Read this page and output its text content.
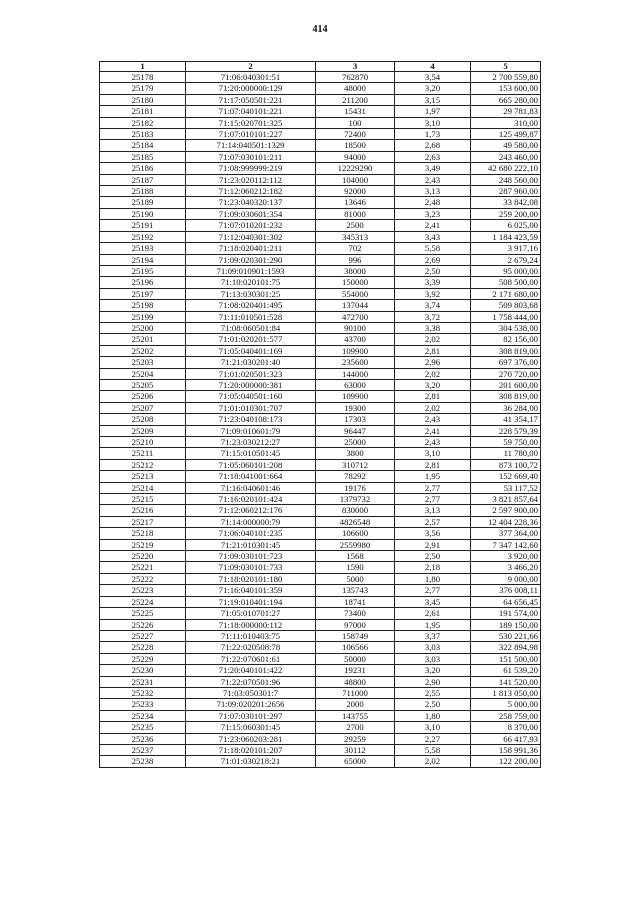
414
1	2	3	4	5
25178	71:06:040301:51	762870	3,54	2 700 559,80
25179	71:20:000000:129	48000	3,20	153 600,00
25180	71:17:050501:221	211200	3,15	665 280,00
25181	71:07:040101:221	15431	1,97	29 781,83
25182	71:15:020701:325	100	3,10	310,00
25183	71:07:010101:227	72400	1,73	125 499,87
25184	71:14:040501:1329	18500	2,68	49 580,00
25185	71:07:030101:211	94000	2,63	243 460,00
25186	71:08:999999:219	12229290	3,49	42 680 222,10
25187	71:23:020112:112	104000	2,43	248 560,00
25188	71:12:060212:182	92000	3,13	287 960,00
25189	71:23:040320:137	13646	2,48	33 842,08
25190	71:09:030601:354	81000	3,23	259 200,00
25191	71:07:010201:232	2500	2,41	6 025,00
25192	71:12:040301:302	345313	3,43	1 184 423,59
25193	71:18:020401:211	702	5,58	3 917,16
25194	71:09:020301:290	996	2,69	2 679,24
25195	71:09:010901:1593	38000	2,50	95 000,00
25196	71:10:020101:75	150000	3,39	508 500,00
25197	71:13:030301:25	554000	3,92	2 171 680,00
25198	71:08:020401:495	137044	3,74	509 803,68
25199	71:11:010501:528	472700	3,72	1 758 444,00
25200	71:08:060501:84	90100	3,38	304 538,00
25201	71:01:020201:577	43700	2,02	82 156,00
25202	71:05:040401:169	109900	2,81	308 819,00
25203	71:21:030201:40	235600	2,96	697 376,00
25204	71:01:020501:323	144000	2,02	270 720,00
25205	71:20:000000:381	63000	3,20	201 600,00
25206	71:05:040501:160	109900	2,81	308 819,00
25207	71:01:010301:707	19300	2,02	36 284,00
25208	71:23:040108:173	17303	2,43	41 354,17
25209	71:09:010601:79	96447	2,41	228 579,39
25210	71:23:030212:27	25000	2,43	59 750,00
25211	71:15:010501:45	3800	3,10	11 780,00
25212	71:05:060101:208	310712	2,81	873 100,72
25213	71:18:041001:664	78292	1,95	152 669,40
25214	71:16:040601:46	19176	2,77	53 117,52
25215	71:16:020101:424	1379732	2,77	3 821 857,64
25216	71:12:060212:176	830000	3,13	2 597 900,00
25217	71:14:000000:79	4826548	2,57	12 404 228,36
25218	71:06:040101:235	106600	3,56	377 364,00
25219	71:21:010301:45	2559980	2,91	7 347 142,60
25220	71:09:030101:723	1568	2,50	3 920,00
25221	71:09:030101:733	1590	2,18	3 466,20
25222	71:18:020101:180	5000	1,80	9 000,00
25223	71:16:040101:359	135743	2,77	376 008,11
25224	71:19:010401:194	18741	3,45	64 656,45
25225	71:05:010701:27	73400	2,61	191 574,00
25226	71:18:000000:112	97000	1,95	189 150,00
25227	71:11:010403:75	158749	3,37	530 221,66
25228	71:22:020508:78	106566	3,03	322 894,98
25229	71:22:070601:61	50000	3,03	151 500,00
25230	71:20:040101:422	19231	3,20	61 539,20
25231	71:22:070501:96	48800	2,90	141 520,00
25232	71:03:050301:7	711000	2,55	1 813 050,00
25233	71:09:020201:2656	2000	2,50	5 000,00
25234	71:07:030101:297	143755	1,80	258 759,00
25235	71:15:060301:45	2700	3,10	8 370,00
25236	71:23:060203:281	29259	2,27	66 417,93
25237	71:18:020101:207	30112	5,58	158 991,36
25238	71:01:030218:21	65000	2,02	122 200,00
